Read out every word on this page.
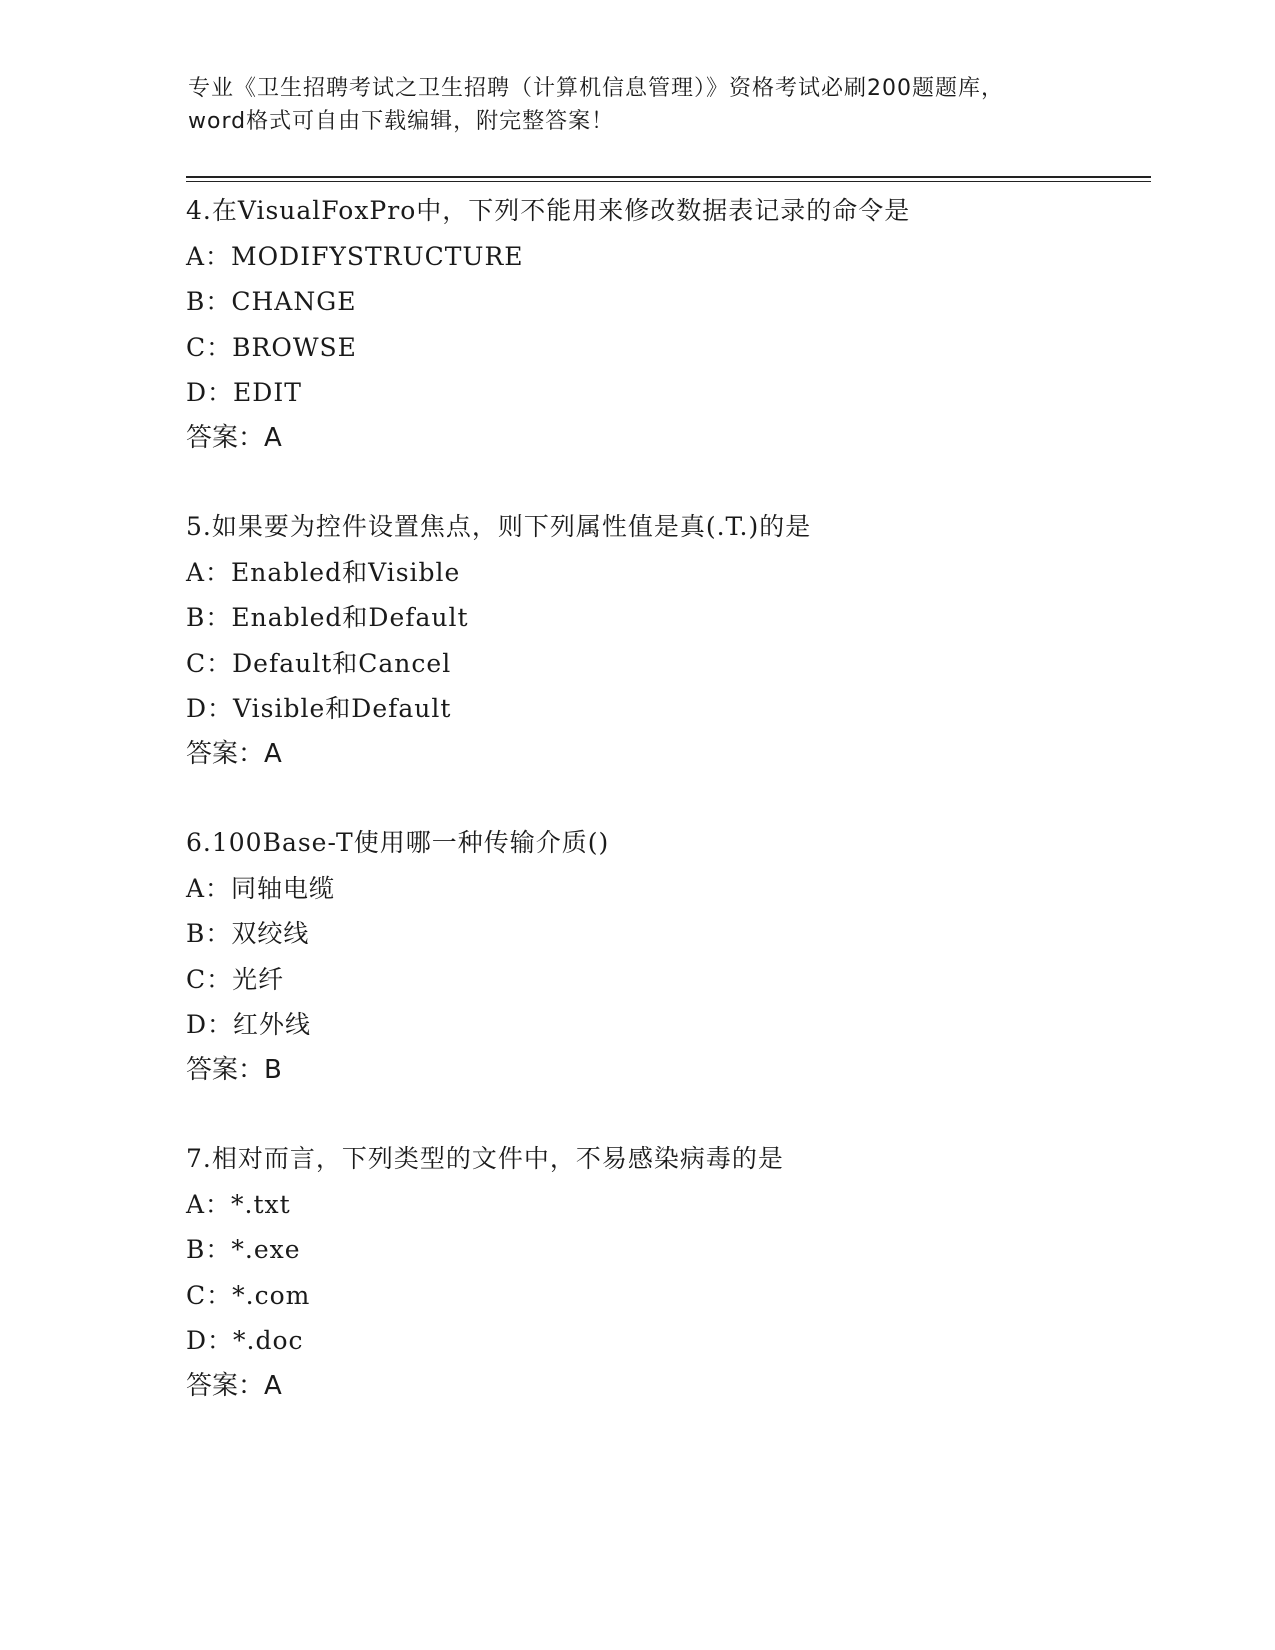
专业《卫生招聘考试之卫生招聘（计算机信息管理）》资格考试必刷200题题库，
word格式可自由下载编辑，附完整答案！
4.在VisualFoxPro中，下列不能用来修改数据表记录的命令是
A：MODIFYSTRUCTURE
B：CHANGE
C：BROWSE
D：EDIT
答案：A
5.如果要为控件设置焦点，则下列属性值是真(.T.)的是
A：Enabled和Visible
B：Enabled和Default
C：Default和Cancel
D：Visible和Default
答案：A
6.100Base-T使用哪一种传输介质()
A：同轴电缆
B：双绞线
C：光纤
D：红外线
答案：B
7.相对而言，下列类型的文件中，不易感染病毒的是
A：*.txt
B：*.exe
C：*.com
D：*.doc
答案：A
